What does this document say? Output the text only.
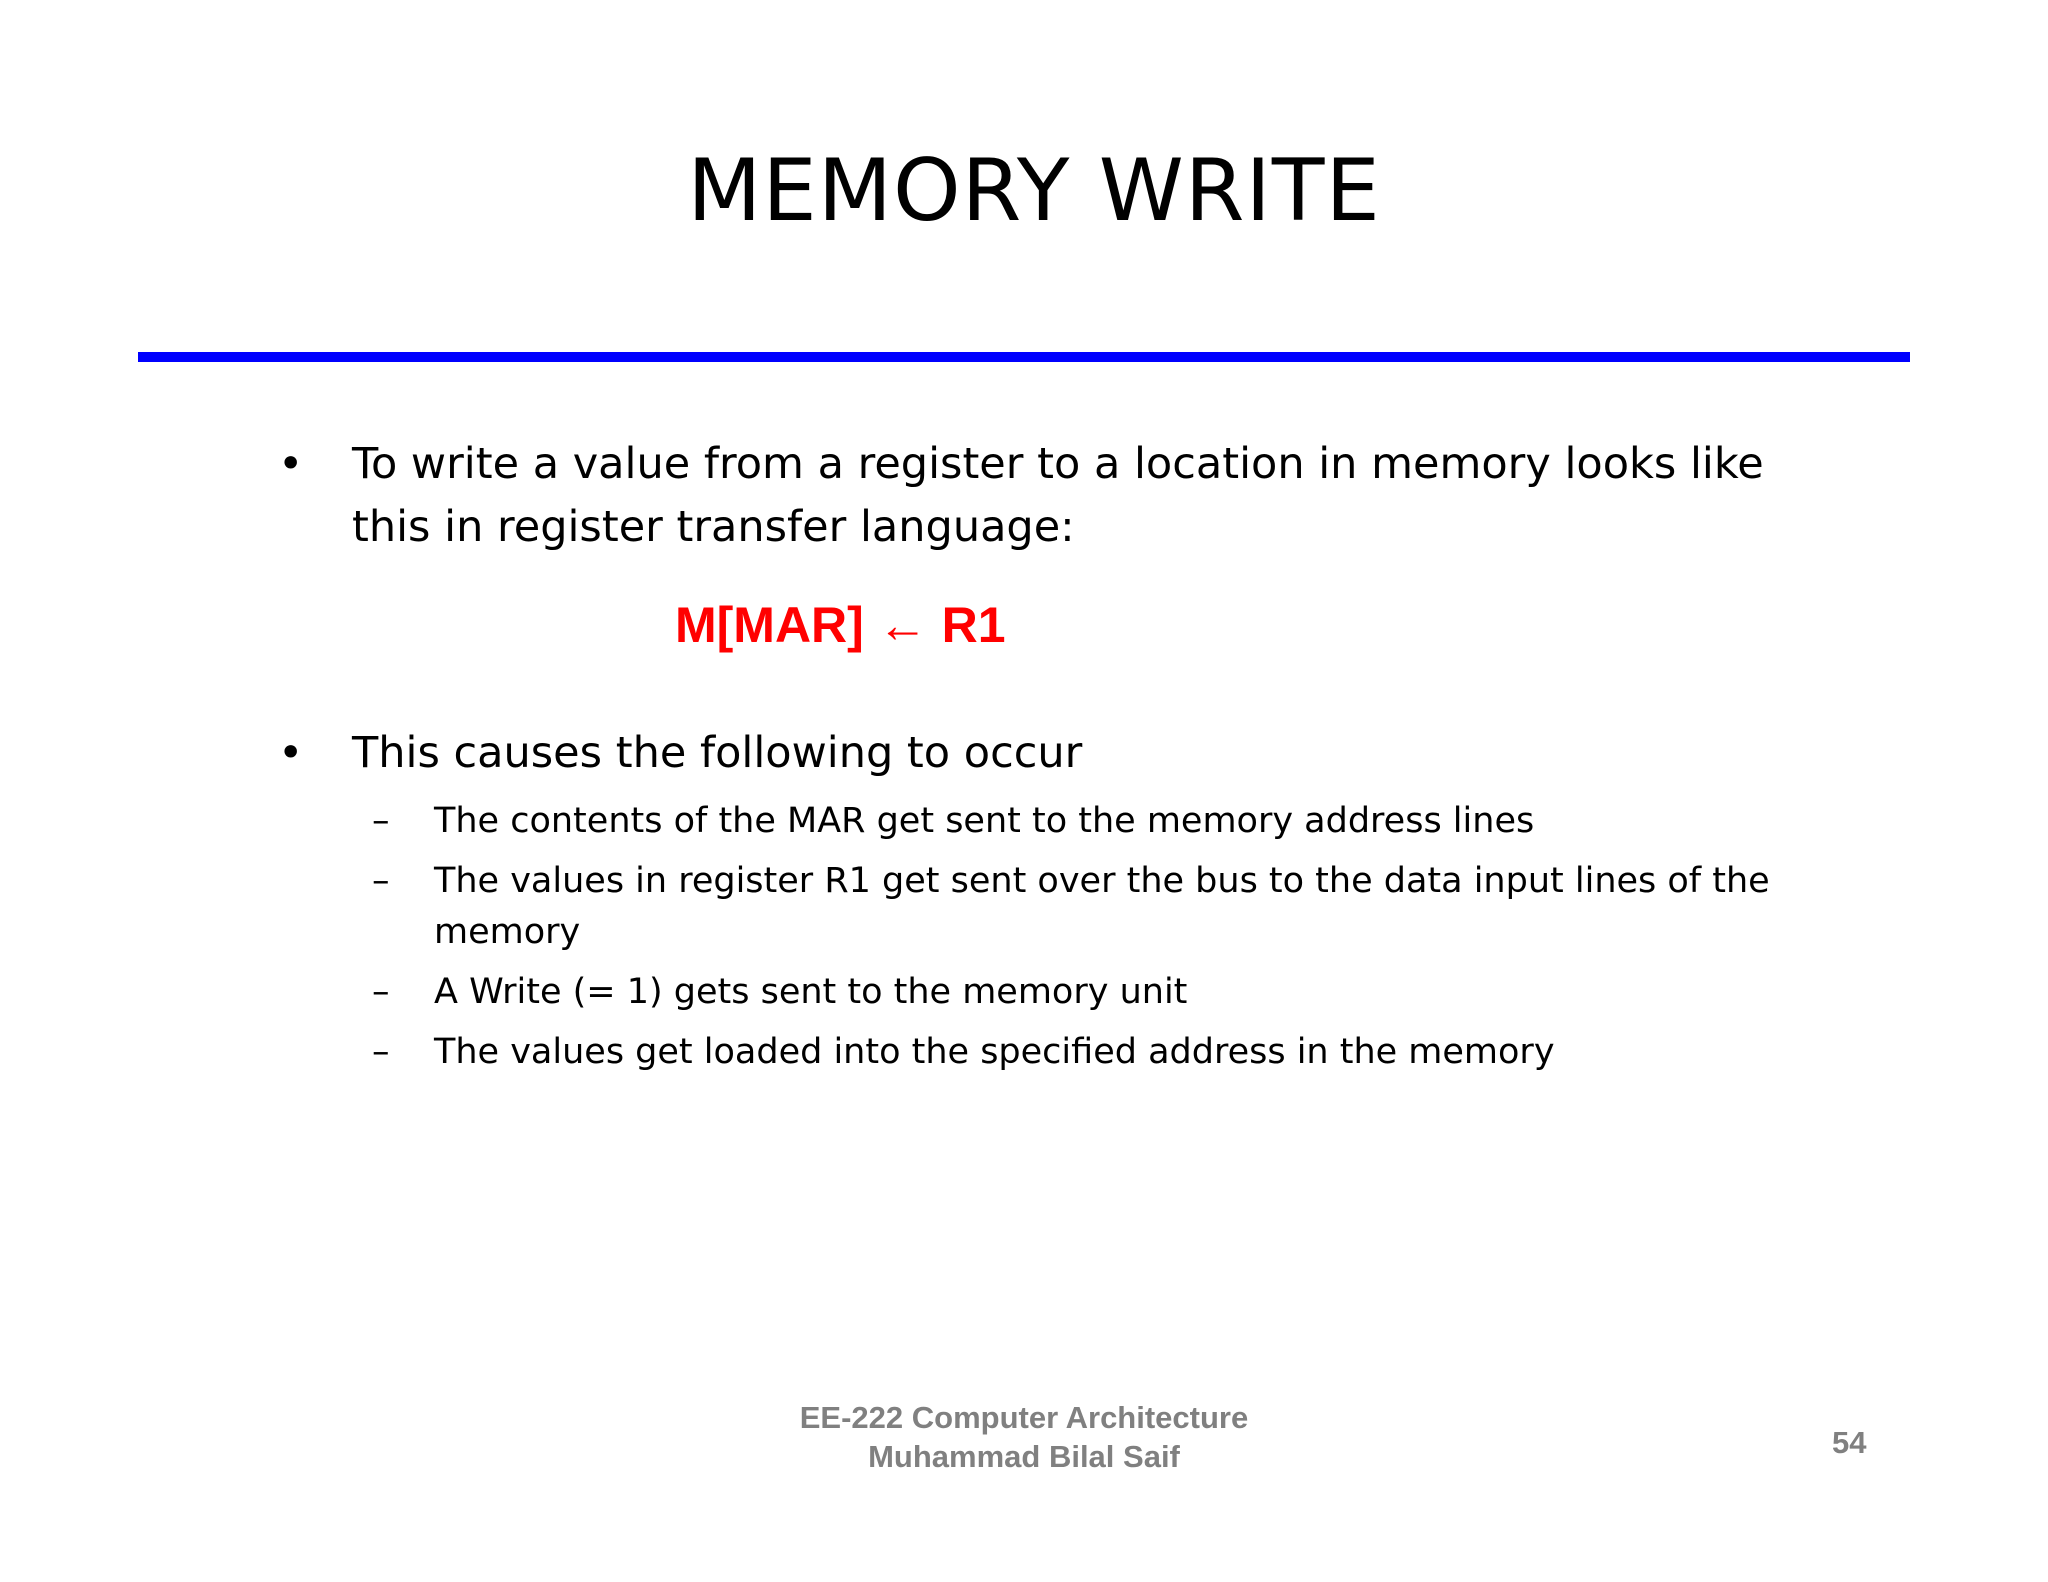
MEMORY WRITE
• To write a value from a register to a location in memory looks like this in register transfer language:
M[MAR] ← R1
• This causes the following to occur
– The contents of the MAR get sent to the memory address lines
– The values in register R1 get sent over the bus to the data input lines of the memory
– A Write (= 1) gets sent to the memory unit
– The values get loaded into the specified address in the memory
EE-222 Computer Architecture
Muhammad Bilal Saif	54
